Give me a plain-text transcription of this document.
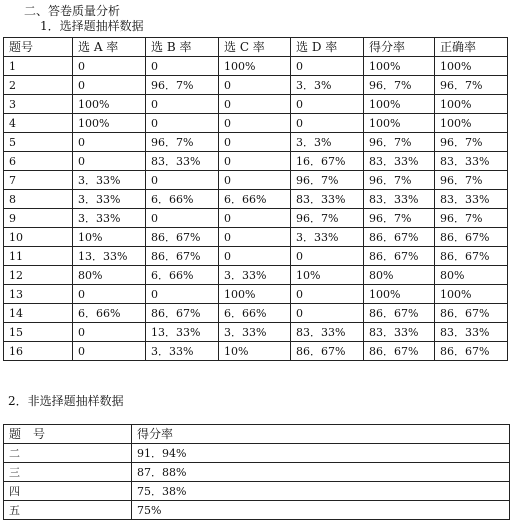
二、答卷质量分析
1．选择题抽样数据
题号	选 A 率	选 B 率	选 C 率	选 D 率	得分率	正确率
1	0	0	100%	0	100%	100%
2	0	96．7%	0	3．3%	96．7%	96．7%
3	100%	0	0	0	100%	100%
4	100%	0	0	0	100%	100%
5	0	96．7%	0	3．3%	96．7%	96．7%
6	0	83．33%	0	16．67%	83．33%	83．33%
7	3．33%	0	0	96．7%	96．7%	96．7%
8	3．33%	6．66%	6．66%	83．33%	83．33%	83．33%
9	3．33%	0	0	96．7%	96．7%	96．7%
10	10%	86．67%	0	3．33%	86．67%	86．67%
11	13．33%	86．67%	0	0	86．67%	86．67%
12	80%	6．66%	3．33%	10%	80%	80%
13	0	0	100%	0	100%	100%
14	6．66%	86．67%	6．66%	0	86．67%	86．67%
15	0	13．33%	3．33%	83．33%	83．33%	83．33%
16	0	3．33%	10%	86．67%	86．67%	86．67%
2．非选择题抽样数据
题　号	得分率
二	91．94%
三	87．88%
四	75．38%
五	75%
